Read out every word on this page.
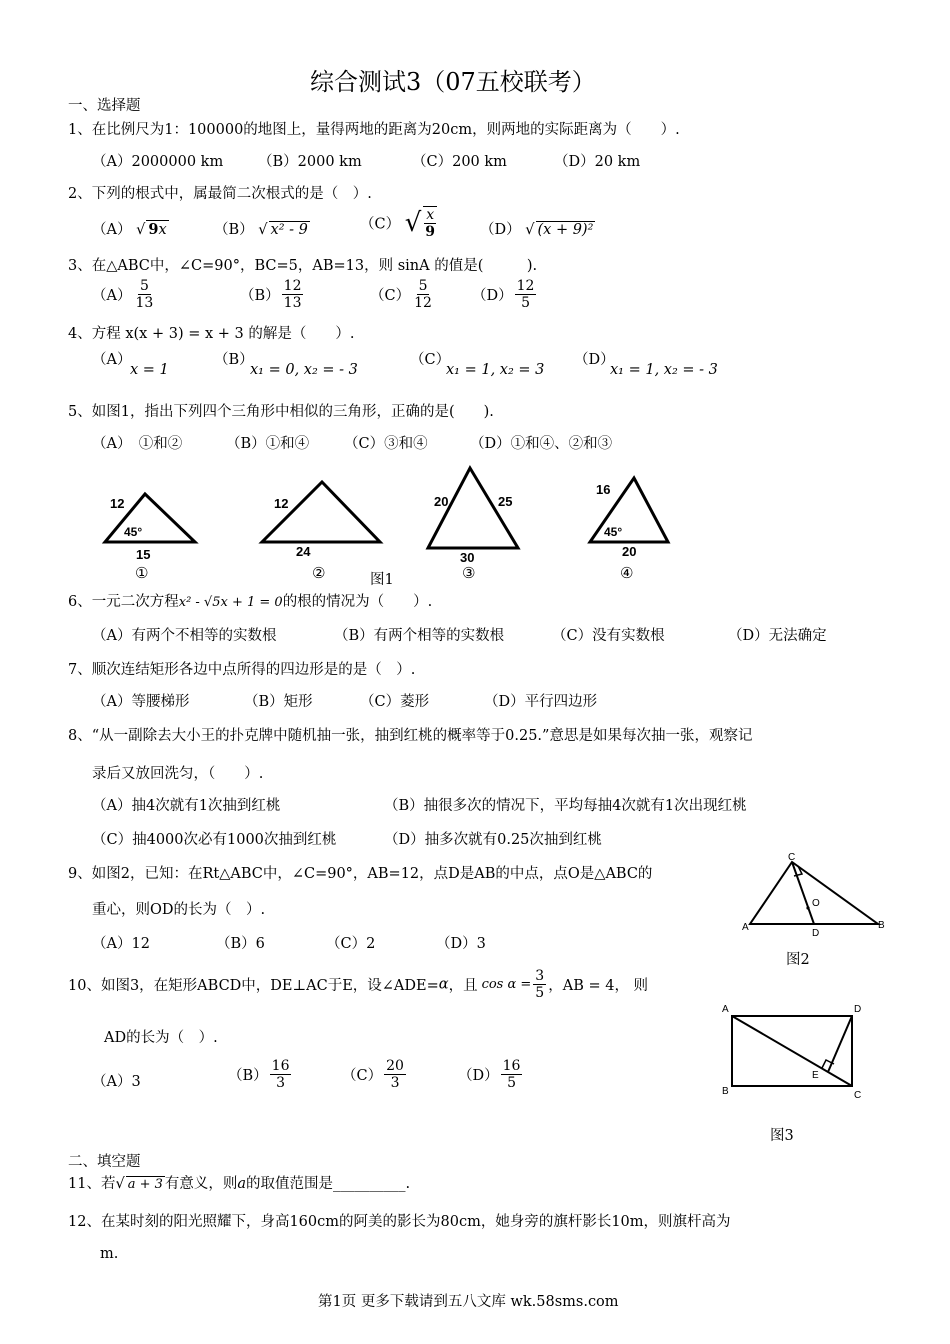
综合测试3（07五校联考）
一、选择题
1、在比例尺为1：100000的地图上，量得两地的距离为20cm，则两地的实际距离为（　　）.
（A）2000000 km （B）2000 km	（C）200 km	（D）20 km
2、下列的根式中，属最简二次根式的是（　）.
（A） √ 9x	（B） √ x² - 9	（C） √ $\frac{x}{9}$	（D） √ (x + 9)²
3、在△ABC中，∠C=90°，BC=5，AB=13，则 sinA 的值是(　　　).
$(A) \frac{5}{13}$	$(B) \frac{12}{13}$	$(C) \frac{5}{12}$	$(D) \frac{12}{5}$
4、方程 x(x + 3) = x + 3 的解是（　　）.
（A）
x = 1
（B）
x₁ = 0, x₂ = - 3
（C）
x₁ = 1, x₂ = 3
（D）
x₁ = 1, x₂ = - 3
5、如图1，指出下列四个三角形中相似的三角形，正确的是(　　).
（A）　①和②	（B）①和④ （C）③和④	（D）①和④、②和③
12
45°
15
①
12
24
②
20	25
30
③
16
45°
20
④
图1
6、一元二次方程x² - √5x + 1 = 0的根的情况为（　　）.
（A）有两个不相等的实数根	（B）有两个相等的实数根	（C）没有实数根	（D）无法确定
7、顺次连结矩形各边中点所得的四边形是的是（　）.
（A）等腰梯形	（B）矩形	（C）菱形	（D）平行四边形
8、“从一副除去大小王的扑克牌中随机抽一张，抽到红桃的概率等于0.25.”意思是如果每次抽一张，观察记
录后又放回洗匀，（　　）.
（A）抽4次就有1次抽到红桃	（B）抽很多次的情况下，平均每抽4次就有1次出现红桃
（C）抽4000次必有1000次抽到红桃	（D）抽多次就有0.25次抽到红桃
9、如图2，已知：在Rt△ABC中，∠C=90°，AB=12，点D是AB的中点，点O是△ABC的
重心，则OD的长为（　）.
（A）12	（B）6	（C）2	（D）3
C
A	B
D
O
图2
10、如图3，在矩形ABCD中，DE⊥AC于E，设∠ADE=α，且 $\cos \alpha = \frac{3}{5}$ ，AB = 4， 则
AD的长为（　）.
（A）3	$(B) \frac{16}{3}$	$(C) \frac{20}{3}$	$(D) \frac{16}{5}$
A	D
B	C
E
图3
二、填空题
11、若√ a + 3 有意义，则a的取值范围是__________.
12、在某时刻的阳光照耀下，身高160cm的阿美的影长为80cm，她身旁的旗杆影长10m，则旗杆高为
m.
第1页 更多下载请到五八文库 wk.58sms.com
